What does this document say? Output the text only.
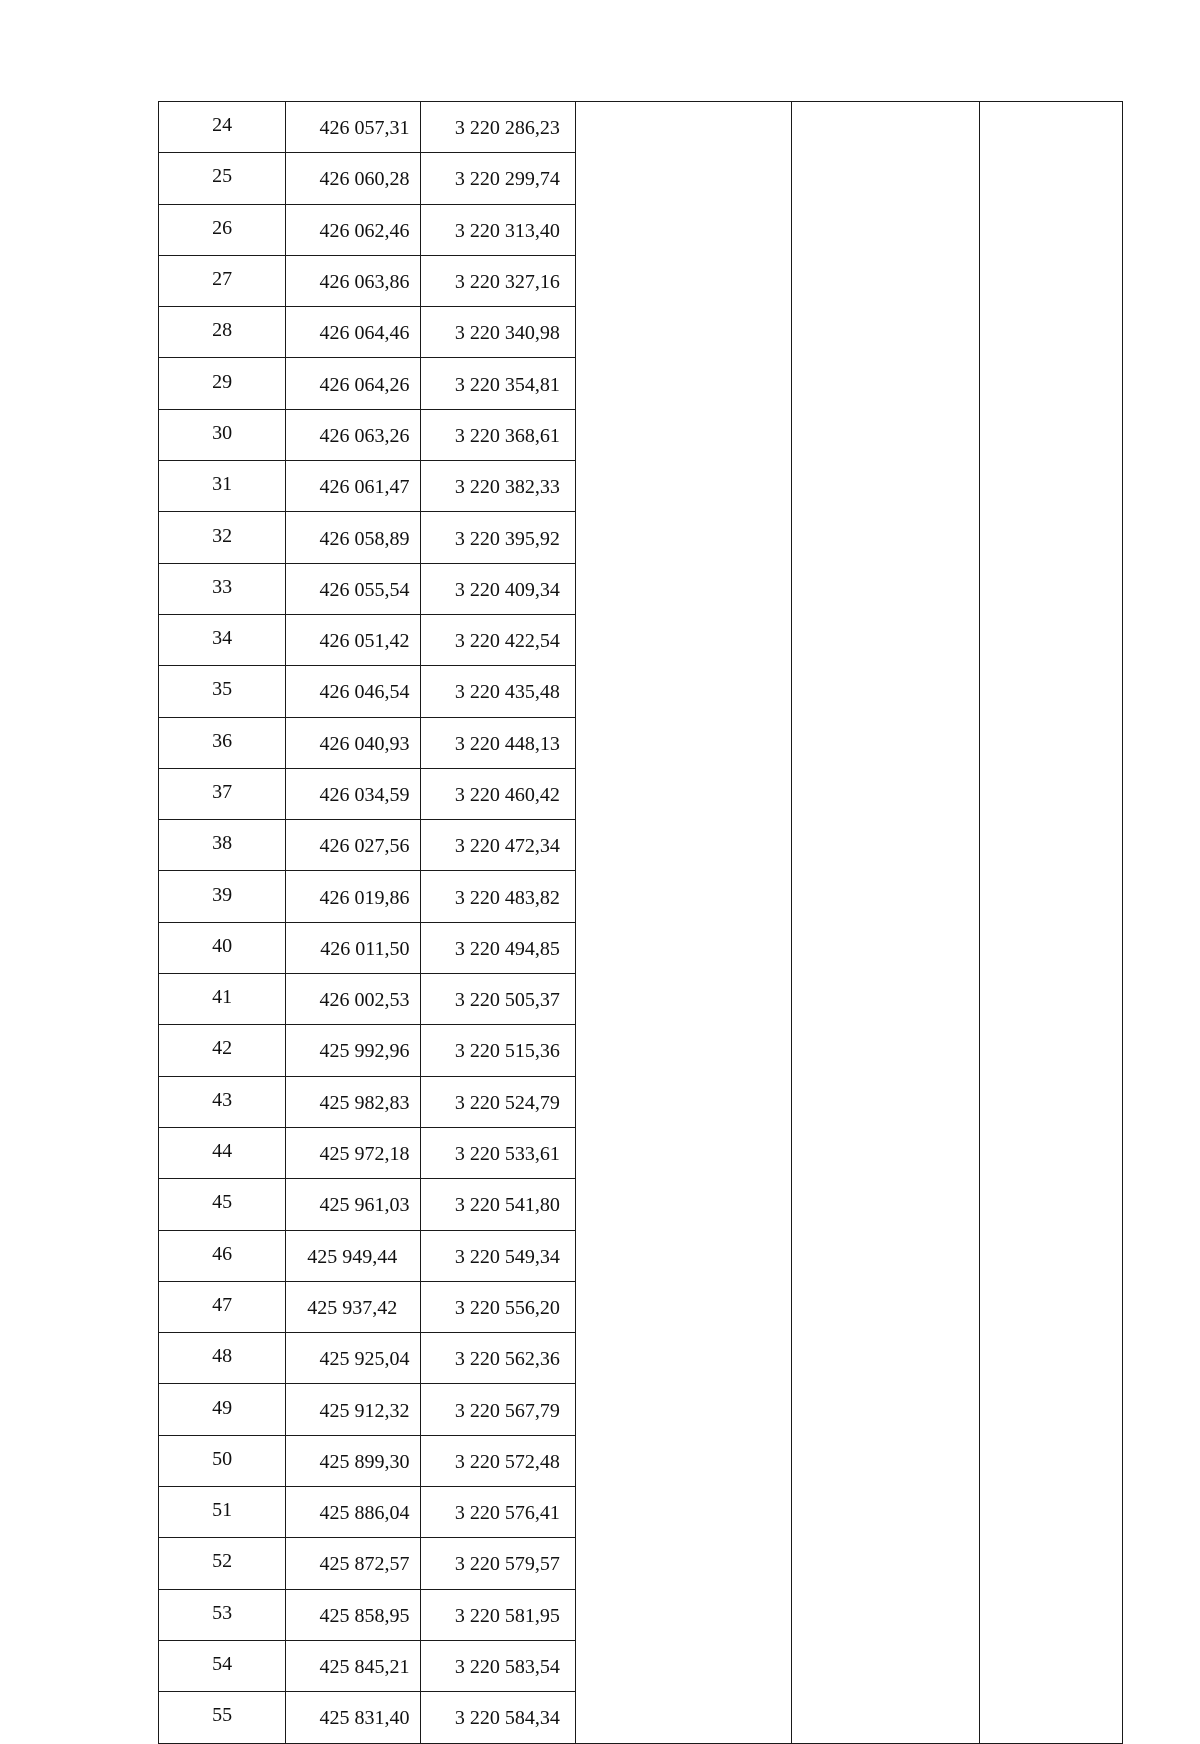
24	426 057,31	3 220 286,23			
25	426 060,28	3 220 299,74			
26	426 062,46	3 220 313,40			
27	426 063,86	3 220 327,16			
28	426 064,46	3 220 340,98			
29	426 064,26	3 220 354,81			
30	426 063,26	3 220 368,61			
31	426 061,47	3 220 382,33			
32	426 058,89	3 220 395,92			
33	426 055,54	3 220 409,34			
34	426 051,42	3 220 422,54			
35	426 046,54	3 220 435,48			
36	426 040,93	3 220 448,13			
37	426 034,59	3 220 460,42			
38	426 027,56	3 220 472,34			
39	426 019,86	3 220 483,82			
40	426 011,50	3 220 494,85			
41	426 002,53	3 220 505,37			
42	425 992,96	3 220 515,36			
43	425 982,83	3 220 524,79			
44	425 972,18	3 220 533,61			
45	425 961,03	3 220 541,80			
46	425 949,44	3 220 549,34			
47	425 937,42	3 220 556,20			
48	425 925,04	3 220 562,36			
49	425 912,32	3 220 567,79			
50	425 899,30	3 220 572,48			
51	425 886,04	3 220 576,41			
52	425 872,57	3 220 579,57			
53	425 858,95	3 220 581,95			
54	425 845,21	3 220 583,54			
55	425 831,40	3 220 584,34			
